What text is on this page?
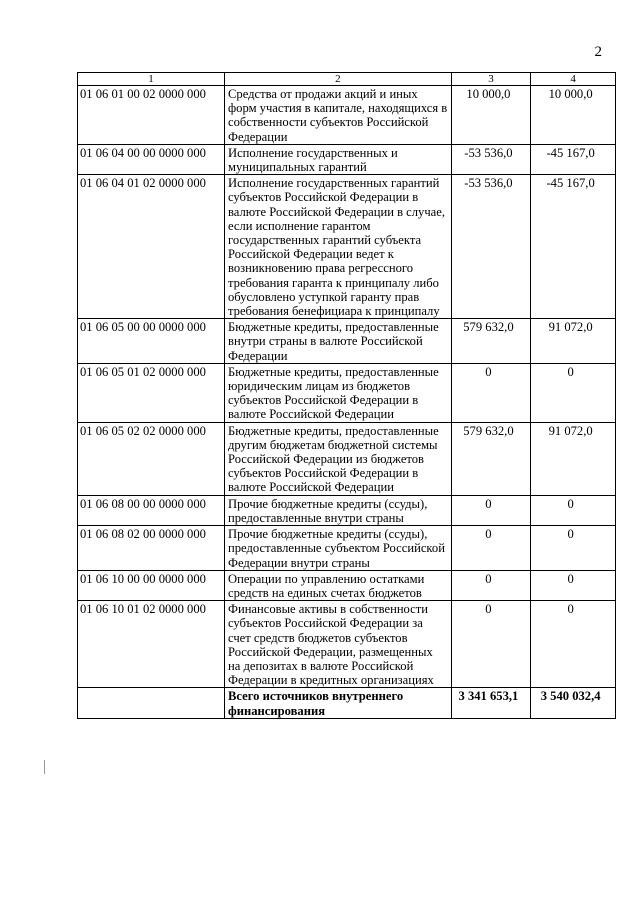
2
1	2	3	4
01 06 01 00 02 0000 000	Средства от продажи акций и иных форм участия в капитале, находящихся в собственности субъектов Российской Федерации	10 000,0	10 000,0
01 06 04 00 00 0000 000	Исполнение государственных и муниципальных гарантий	-53 536,0	-45 167,0
01 06 04 01 02 0000 000	Исполнение государственных гарантий субъектов Российской Федерации в валюте Российской Федерации в случае, если исполнение гарантом государственных гарантий субъекта Российской Федерации ведет к возникновению права регрессного требования гаранта к принципалу либо обусловлено уступкой гаранту прав требования бенефициара к принципалу	-53 536,0	-45 167,0
01 06 05 00 00 0000 000	Бюджетные кредиты, предоставленные внутри страны в валюте Российской Федерации	579 632,0	91 072,0
01 06 05 01 02 0000 000	Бюджетные кредиты, предоставленные юридическим лицам из бюджетов субъектов Российской Федерации в валюте Российской Федерации	0	0
01 06 05 02 02 0000 000	Бюджетные кредиты, предоставленные другим бюджетам бюджетной системы Российской Федерации из бюджетов субъектов Российской Федерации в валюте Российской Федерации	579 632,0	91 072,0
01 06 08 00 00 0000 000	Прочие бюджетные кредиты (ссуды), предоставленные внутри страны	0	0
01 06 08 02 00 0000 000	Прочие бюджетные кредиты (ссуды), предоставленные субъектом Российской Федерации внутри страны	0	0
01 06 10 00 00 0000 000	Операции по управлению остатками средств на единых счетах бюджетов	0	0
01 06 10 01 02 0000 000	Финансовые активы в собственности субъектов Российской Федерации за счет средств бюджетов субъектов Российской Федерации, размещенных на депозитах в валюте Российской Федерации в кредитных организациях	0	0
	Всего источников внутреннего финансирования	3 341 653,1	3 540 032,4
